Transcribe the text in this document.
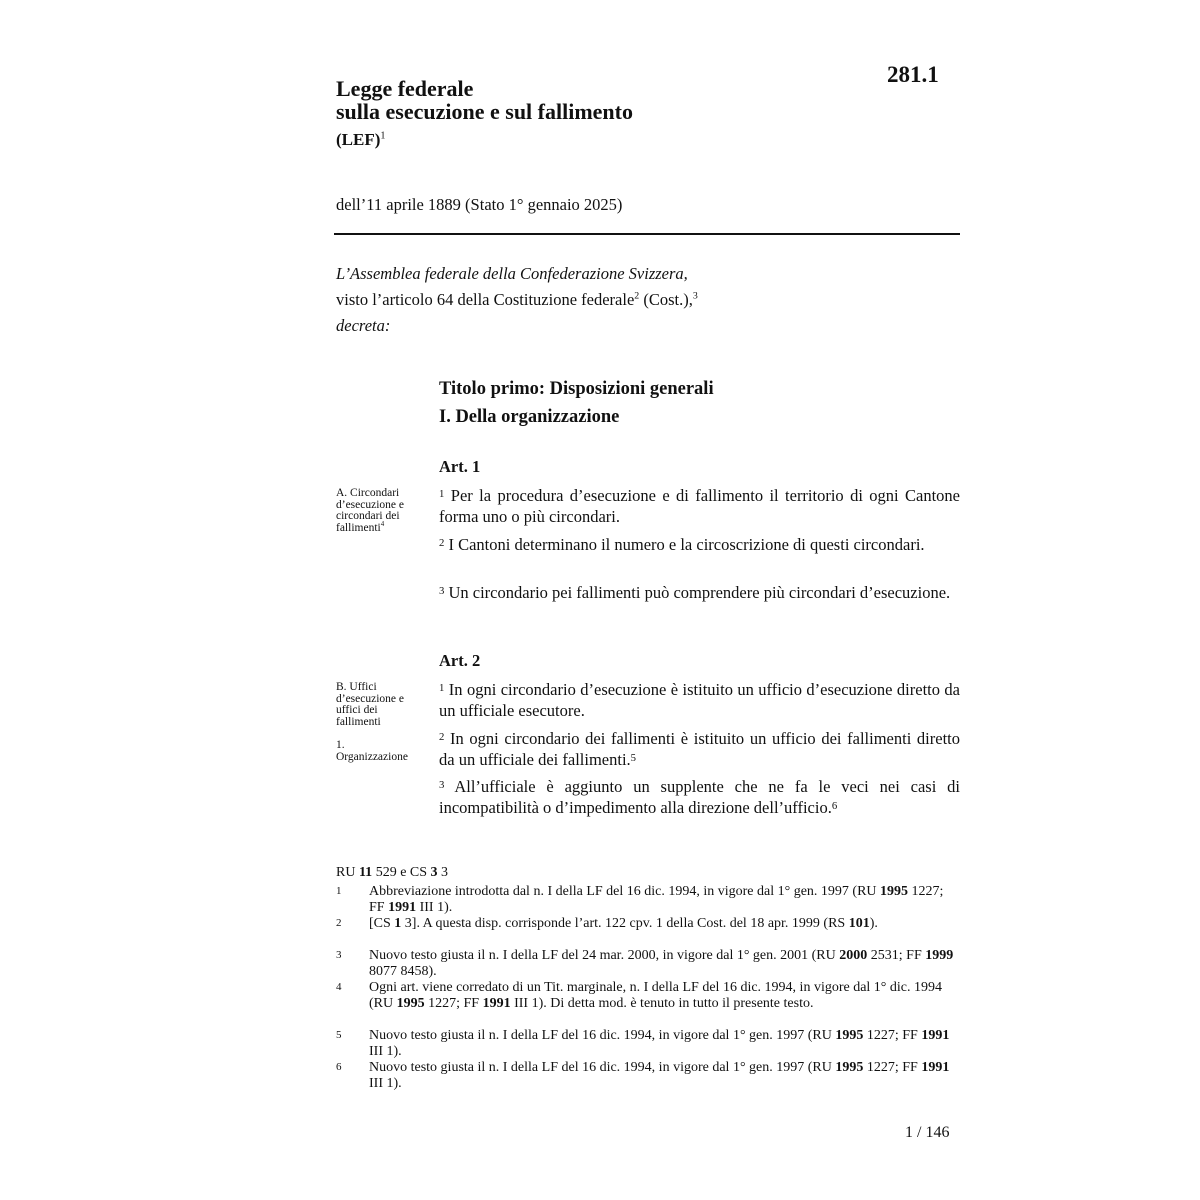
281.1
Legge federale
sulla esecuzione e sul fallimento
(LEF)$^1$
dell’11 aprile 1889 (Stato 1° gennaio 2025)
L’Assemblea federale della Confederazione Svizzera,
visto l’articolo 64 della Costituzione federale$^2$ (Cost.),$^3$
decreta:
Titolo primo: Disposizioni generali
I. Della organizzazione
Art. 1
A. Circondari d’esecuzione e circondari dei fallimenti$^4$
$^1$ Per la procedura d’esecuzione e di fallimento il territorio di ogni Cantone forma uno o più circondari.
$^2$ I Cantoni determinano il numero e la circoscrizione di questi circondari.
$^3$ Un circondario pei fallimenti può comprendere più circondari d’esecuzione.
Art. 2
B. Uffici d’esecuzione e uffici dei fallimenti
1. Organizzazione
$^1$ In ogni circondario d’esecuzione è istituito un ufficio d’esecuzione diretto da un ufficiale esecutore.
$^2$ In ogni circondario dei fallimenti è istituito un ufficio dei fallimenti diretto da un ufficiale dei fallimenti.$^5$
$^3$ All’ufficiale è aggiunto un supplente che ne fa le veci nei casi di incompatibilità o d’impedimento alla direzione dell’ufficio.$^6$
RU 11 529 e CS 3 3
1 Abbreviazione introdotta dal n. I della LF del 16 dic. 1994, in vigore dal 1° gen. 1997 (RU 1995 1227; FF 1991 III 1).
2 [CS 1 3]. A questa disp. corrisponde l’art. 122 cpv. 1 della Cost. del 18 apr. 1999 (RS 101).
3 Nuovo testo giusta il n. I della LF del 24 mar. 2000, in vigore dal 1° gen. 2001 (RU 2000 2531; FF 1999 8077 8458).
4 Ogni art. viene corredato di un Tit. marginale, n. I della LF del 16 dic. 1994, in vigore dal 1° dic. 1994 (RU 1995 1227; FF 1991 III 1). Di detta mod. è tenuto in tutto il presente testo.
5 Nuovo testo giusta il n. I della LF del 16 dic. 1994, in vigore dal 1° gen. 1997 (RU 1995 1227; FF 1991 III 1).
6 Nuovo testo giusta il n. I della LF del 16 dic. 1994, in vigore dal 1° gen. 1997 (RU 1995 1227; FF 1991 III 1).
1 / 146
